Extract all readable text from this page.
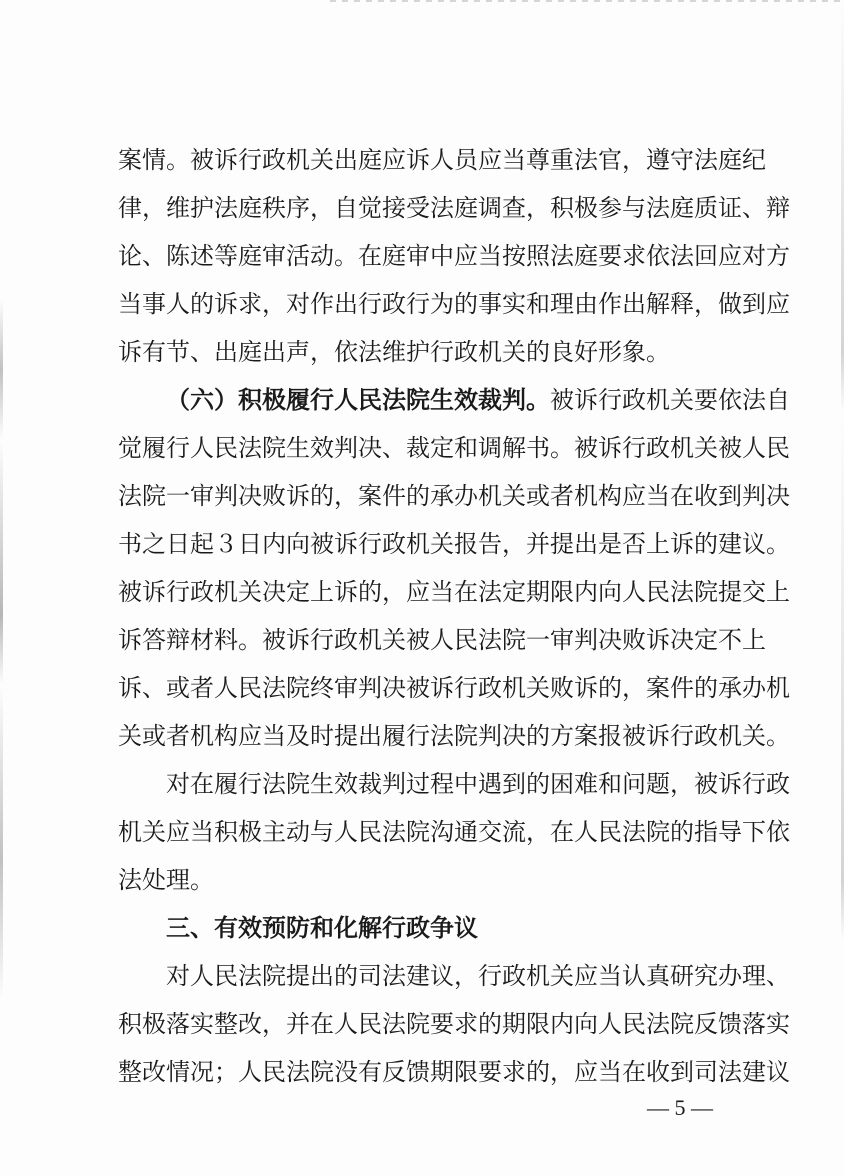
案情。被诉行政机关出庭应诉人员应当尊重法官，遵守法庭纪
律，维护法庭秩序，自觉接受法庭调查，积极参与法庭质证、辩
论、陈述等庭审活动。在庭审中应当按照法庭要求依法回应对方
当事人的诉求，对作出行政行为的事实和理由作出解释，做到应
诉有节、出庭出声，依法维护行政机关的良好形象。
（六）积极履行人民法院生效裁判。被诉行政机关要依法自
觉履行人民法院生效判决、裁定和调解书。被诉行政机关被人民
法院一审判决败诉的，案件的承办机关或者机构应当在收到判决
书之日起３日内向被诉行政机关报告，并提出是否上诉的建议。
被诉行政机关决定上诉的，应当在法定期限内向人民法院提交上
诉答辩材料。被诉行政机关被人民法院一审判决败诉决定不上
诉、或者人民法院终审判决被诉行政机关败诉的，案件的承办机
关或者机构应当及时提出履行法院判决的方案报被诉行政机关。
对在履行法院生效裁判过程中遇到的困难和问题，被诉行政
机关应当积极主动与人民法院沟通交流，在人民法院的指导下依
法处理。
三、有效预防和化解行政争议
对人民法院提出的司法建议，行政机关应当认真研究办理、
积极落实整改，并在人民法院要求的期限内向人民法院反馈落实
整改情况；人民法院没有反馈期限要求的，应当在收到司法建议
— 5 —
